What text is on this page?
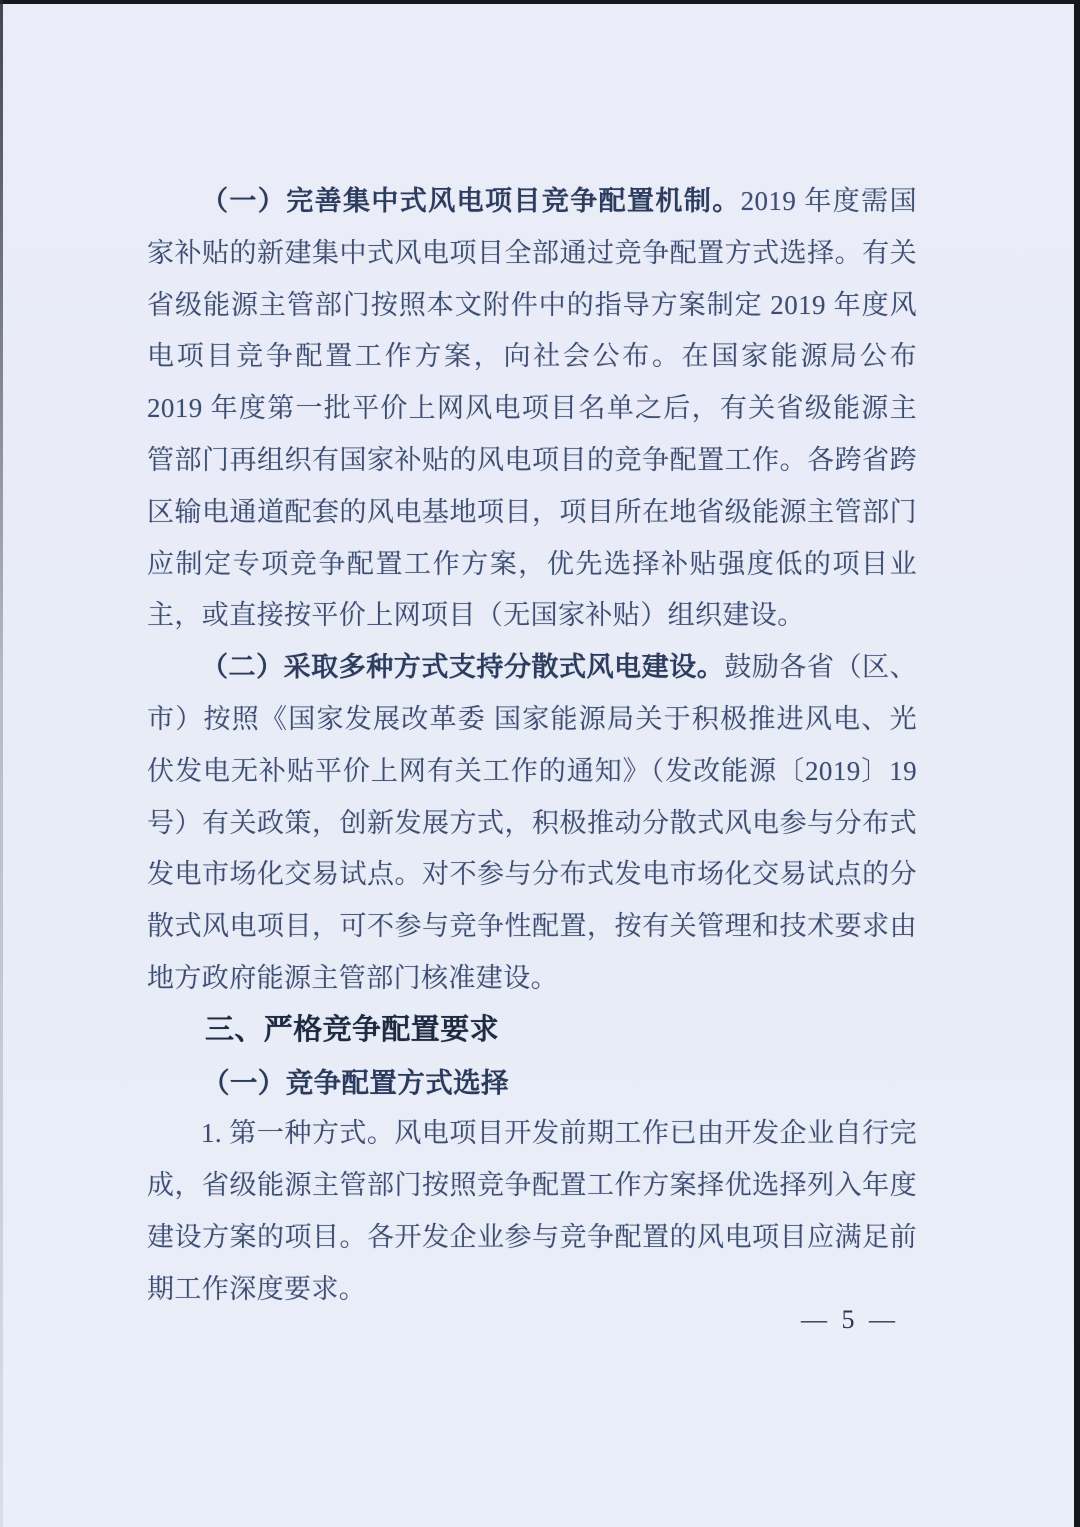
（一）完善集中式风电项目竞争配置机制。2019 年度需国家补贴的新建集中式风电项目全部通过竞争配置方式选择。有关省级能源主管部门按照本文附件中的指导方案制定 2019 年度风电项目竞争配置工作方案，向社会公布。在国家能源局公布 2019 年度第一批平价上网风电项目名单之后，有关省级能源主管部门再组织有国家补贴的风电项目的竞争配置工作。各跨省跨区输电通道配套的风电基地项目，项目所在地省级能源主管部门应制定专项竞争配置工作方案，优先选择补贴强度低的项目业主，或直接按平价上网项目（无国家补贴）组织建设。

（二）采取多种方式支持分散式风电建设。鼓励各省（区、市）按照《国家发展改革委 国家能源局关于积极推进风电、光伏发电无补贴平价上网有关工作的通知》（发改能源〔2019〕19号）有关政策，创新发展方式，积极推动分散式风电参与分布式发电市场化交易试点。对不参与分布式发电市场化交易试点的分散式风电项目，可不参与竞争性配置，按有关管理和技术要求由地方政府能源主管部门核准建设。

三、严格竞争配置要求
（一）竞争配置方式选择

1. 第一种方式。风电项目开发前期工作已由开发企业自行完成，省级能源主管部门按照竞争配置工作方案择优选择列入年度建设方案的项目。各开发企业参与竞争配置的风电项目应满足前期工作深度要求。

— 5 —
